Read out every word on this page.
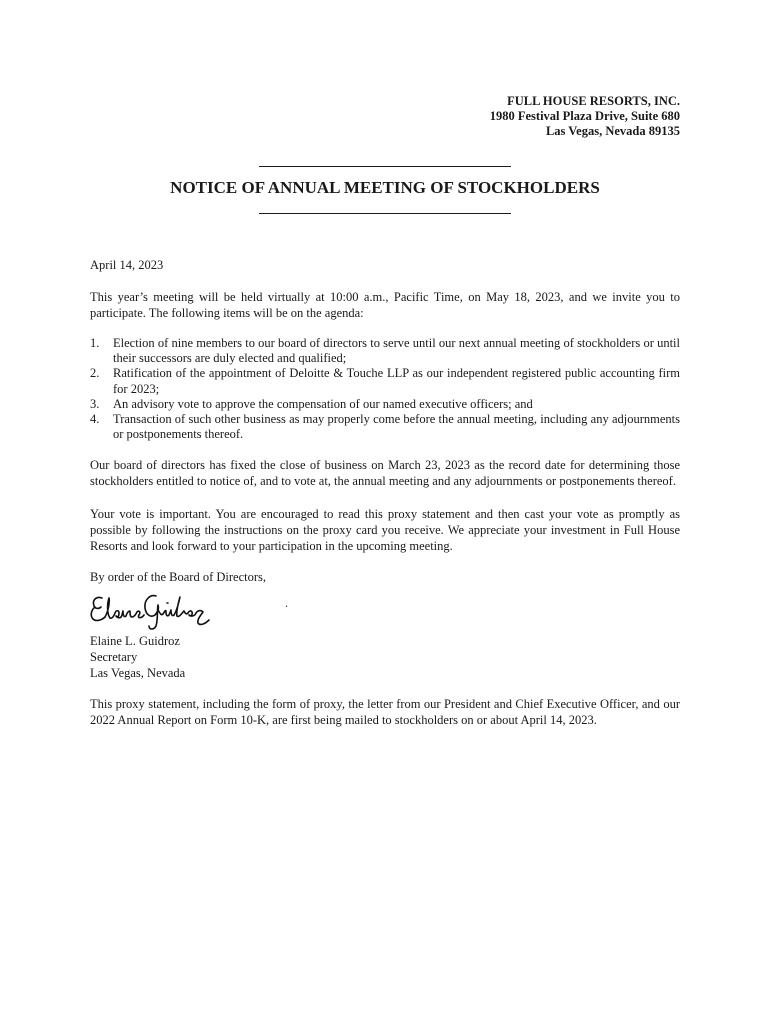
FULL HOUSE RESORTS, INC.
1980 Festival Plaza Drive, Suite 680
Las Vegas, Nevada 89135
NOTICE OF ANNUAL MEETING OF STOCKHOLDERS
April 14, 2023
This year’s meeting will be held virtually at 10:00 a.m., Pacific Time, on May 18, 2023, and we invite you to participate. The following items will be on the agenda:
1. Election of nine members to our board of directors to serve until our next annual meeting of stockholders or until their successors are duly elected and qualified;
2. Ratification of the appointment of Deloitte & Touche LLP as our independent registered public accounting firm for 2023;
3. An advisory vote to approve the compensation of our named executive officers; and
4. Transaction of such other business as may properly come before the annual meeting, including any adjournments or postponements thereof.
Our board of directors has fixed the close of business on March 23, 2023 as the record date for determining those stockholders entitled to notice of, and to vote at, the annual meeting and any adjournments or postponements thereof.
Your vote is important. You are encouraged to read this proxy statement and then cast your vote as promptly as possible by following the instructions on the proxy card you receive. We appreciate your investment in Full House Resorts and look forward to your participation in the upcoming meeting.
By order of the Board of Directors,
.
Elaine L. Guidroz
Secretary
Las Vegas, Nevada
This proxy statement, including the form of proxy, the letter from our President and Chief Executive Officer, and our 2022 Annual Report on Form 10-K, are first being mailed to stockholders on or about April 14, 2023.
